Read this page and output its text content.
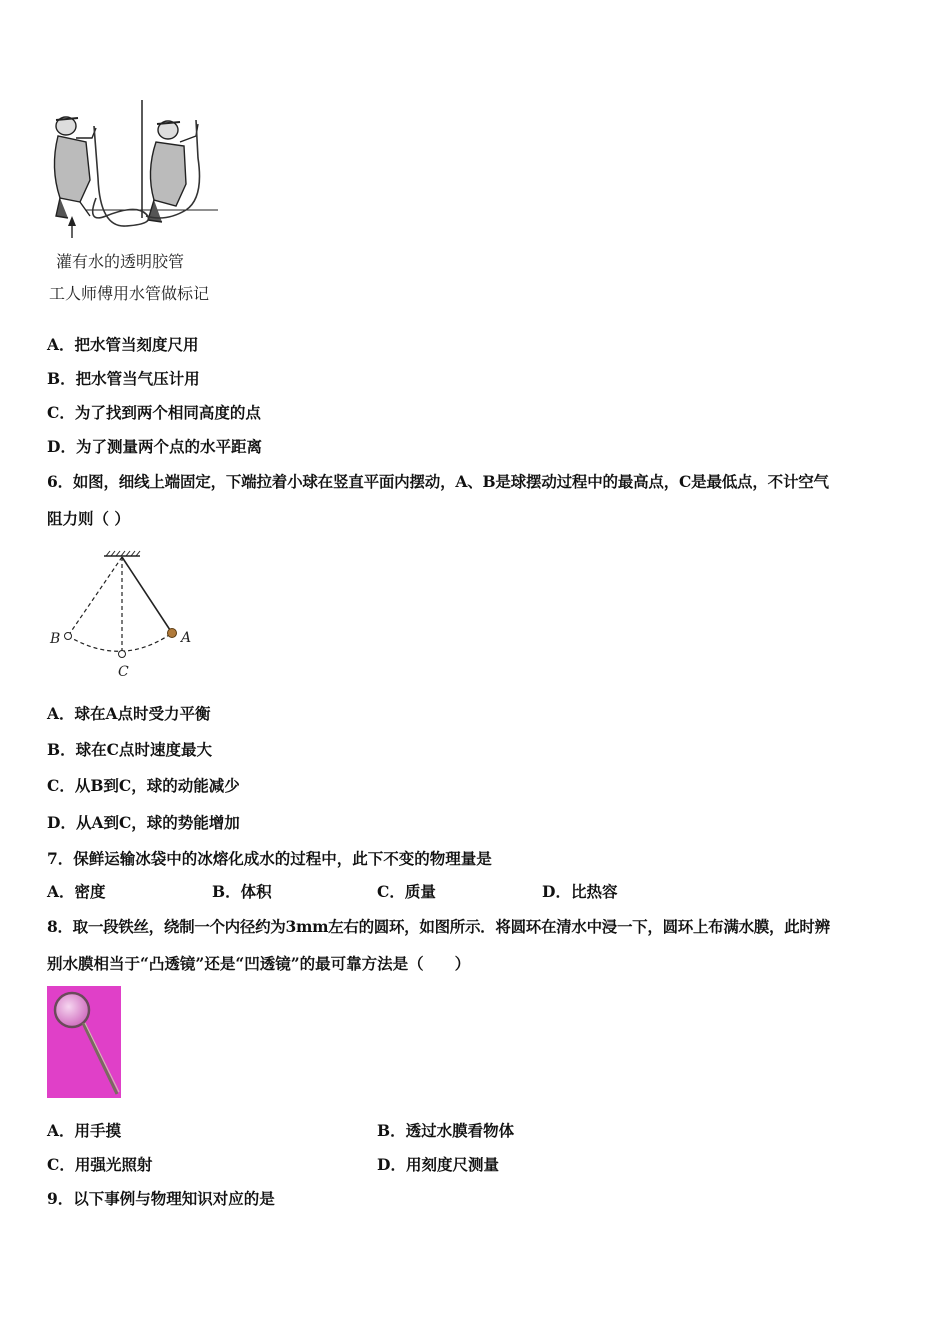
灌有水的透明胶管
工人师傅用水管做标记
A．把水管当刻度尺用
B．把水管当气压计用
C．为了找到两个相同高度的点
D．为了测量两个点的水平距离
6．如图，细线上端固定，下端拉着小球在竖直平面内摆动，A、B是球摆动过程中的最高点，C是最低点，不计空气
阻力则（ ）
B	A
C
A．球在A点时受力平衡
B．球在C点时速度最大
C．从B到C，球的动能减少
D．从A到C，球的势能增加
7．保鲜运输冰袋中的冰熔化成水的过程中，此下不变的物理量是
A．密度	B．体积	C．质量	D．比热容
8．取一段铁丝，绕制一个内径约为3mm左右的圆环，如图所示．将圆环在清水中浸一下，圆环上布满水膜，此时辨
别水膜相当于“凸透镜”还是“凹透镜”的最可靠方法是（　　）
A．用手摸	B．透过水膜看物体
C．用强光照射	D．用刻度尺测量
9．以下事例与物理知识对应的是
